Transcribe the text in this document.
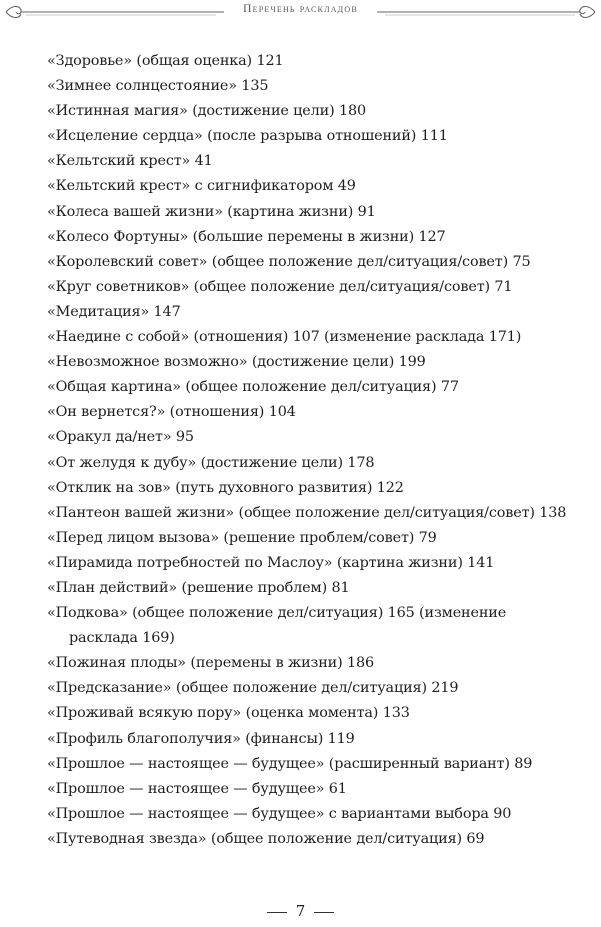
Перечень раскладов
«Здоровье» (общая оценка) 121
«Зимнее солнцестояние» 135
«Истинная магия» (достижение цели) 180
«Исцеление сердца» (после разрыва отношений) 111
«Кельтский крест» 41
«Кельтский крест» с сигнификатором 49
«Колеса вашей жизни» (картина жизни) 91
«Колесо Фортуны» (большие перемены в жизни) 127
«Королевский совет» (общее положение дел/ситуация/совет) 75
«Круг советников» (общее положение дел/ситуация/совет) 71
«Медитация» 147
«Наедине с собой» (отношения) 107 (изменение расклада 171)
«Невозможное возможно» (достижение цели) 199
«Общая картина» (общее положение дел/ситуация) 77
«Он вернется?» (отношения) 104
«Оракул да/нет» 95
«От желудя к дубу» (достижение цели) 178
«Отклик на зов» (путь духовного развития) 122
«Пантеон вашей жизни» (общее положение дел/ситуация/совет) 138
«Перед лицом вызова» (решение проблем/совет) 79
«Пирамида потребностей по Маслоу» (картина жизни) 141
«План действий» (решение проблем) 81
«Подкова» (общее положение дел/ситуация) 165 (изменение расклада 169)
«Пожиная плоды» (перемены в жизни) 186
«Предсказание» (общее положение дел/ситуация) 219
«Проживай всякую пору» (оценка момента) 133
«Профиль благополучия» (финансы) 119
«Прошлое — настоящее — будущее» (расширенный вариант) 89
«Прошлое — настоящее — будущее» 61
«Прошлое — настоящее — будущее» с вариантами выбора 90
«Путеводная звезда» (общее положение дел/ситуация) 69
7
